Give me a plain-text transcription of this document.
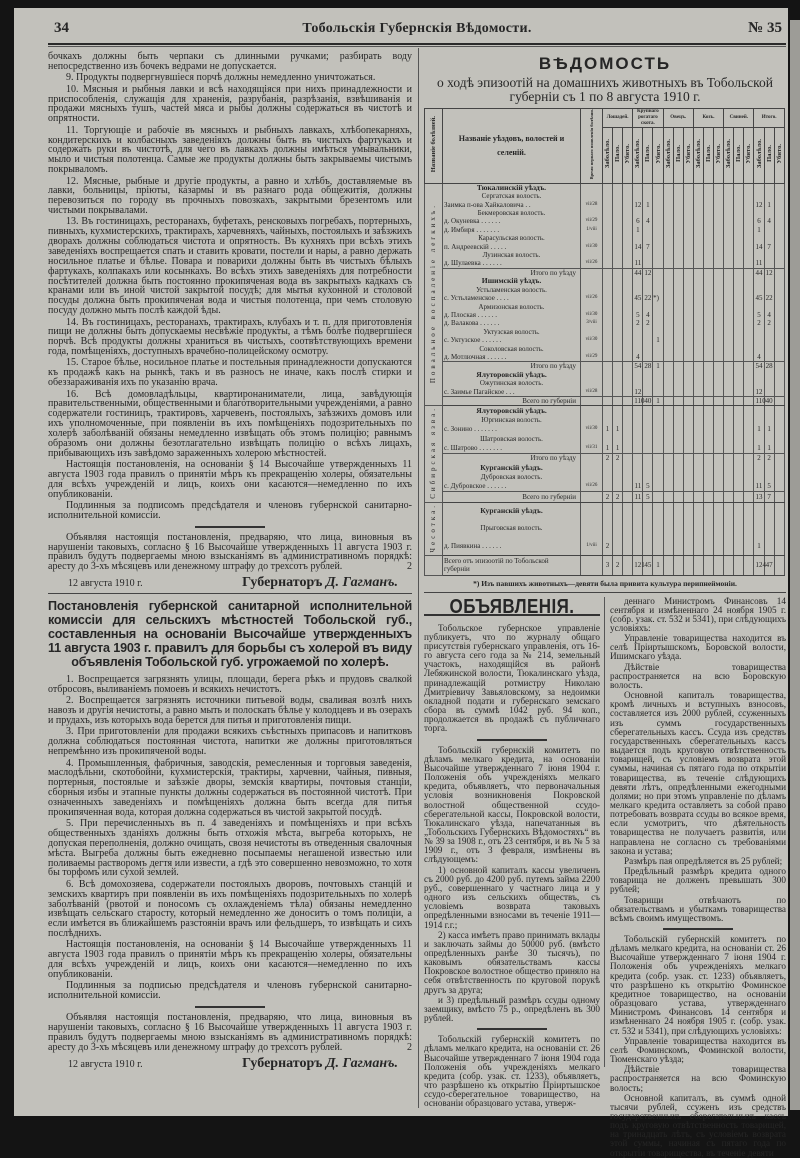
34	Тобольскія Губернскія Вѣдомости.	№ 35

бочкахъ должны быть черпаки съ длинными ручками; разбирать воду непосредственно изъ бочекъ ведрами не допускается.

9. Продукты подвергнувшіеся порчѣ должны немедленно уничтожаться.

10. Мясныя и рыбныя лавки и всѣ находящіяся при нихъ принадлежности и приспособленія, служащія для храненія, разрубанія, разрѣзанія, взвѣшиванія и продажи мясныхъ тушъ, частей мяса и рыбы должны содержаться въ чистотѣ и опрятности.

11. Торгующіе и рабочіе въ мясныхъ и рыбныхъ лавкахъ, хлѣбопекарняхъ, кондитерскихъ и колбасныхъ заведеніяхъ должны быть въ чистыхъ фартукахъ и содержать руки въ чистотѣ, для чего въ лавкахъ должны имѣться умывальники, мыло и чистыя полотенца. Самые же продукты должны быть закрываемы чистымъ покрываломъ.

12. Мясные, рыбные и другіе продукты, а равно и хлѣбъ, доставляемые въ лавки, больницы, пріюты, казармы и въ разнаго рода общежитія, должны перевозиться по городу въ прочныхъ повозкахъ, закрытыми брезентомъ или чистыми покрывалами.

13. Въ гостиницахъ, ресторанахъ, буфетахъ, ренсковыхъ погребахъ, портерныхъ, пивныхъ, кухмистерскихъ, трактирахъ, харчевняхъ, чайныхъ, постоялыхъ и заѣзжихъ дворахъ должны соблюдаться чистота и опрятность. Въ кухняхъ при всѣхъ этихъ заведеніяхъ воспрещается спать и ставить кровати, постели и нары, а равно держать носильное платье и бѣлье. Повара и поварихи должны быть въ чистыхъ бѣлыхъ фартукахъ, колпакахъ или косынкахъ. Во всѣхъ этихъ заведеніяхъ для потребности посѣтителей должна быть постоянно прокипяченая вода въ закрытыхъ кадкахъ съ кранами или въ иной чистой закрытой посудѣ; для мытья кухонной и столовой посуды должна быть прокипяченая вода и чистыя полотенца, при чемъ столовую посуду должно мыть послѣ каждой ѣды.

14. Въ гостиницахъ, ресторанахъ, трактирахъ, клубахъ и т. п. для приготовленія пищи не должны быть допускаемы несвѣжіе продукты, а тѣмъ болѣе подвергшіеся порчѣ. Всѣ продукты должны храниться въ чистыхъ, соотвѣтствующихъ времени года, помѣщеніяхъ, доступныхъ врачебно-полицейскому осмотру.

15. Старое бѣлье, носильное платье и постельныя принадлежности допускаются къ продажѣ какъ на рынкѣ, такъ и въ разносъ не иначе, какъ послѣ стирки и обеззараживанія ихъ по указанію врача.

16. Всѣ домовладѣльцы, квартиронаниматели, лица, завѣдующія правительственными, общественными и благотворительными учрежденіями, а равно содержатели гостиницъ, трактировъ, харчевенъ, постоялыхъ, заѣзжихъ домовъ или ихъ уполномоченные, при появленіи въ ихъ помѣщеніяхъ подозрительныхъ по холерѣ заболѣваній обязаны немедленно извѣщать объ этомъ полицію; равнымъ образомъ они должны безотлагательно извѣщать полицію о всѣхъ лицахъ, прибывающихъ изъ завѣдомо зараженныхъ холерою мѣстностей.

Настоящія постановленія, на основаніи § 14 Высочайше утвержденныхъ 11 августа 1903 года правилъ о принятіи мѣръ къ прекращенію холеры, обязательны для всѣхъ учрежденій и лицъ, коихъ они касаются—немедленно по ихъ опубликованіи.

Подлинныя за подписомъ предсѣдателя и членовъ губернской санитарно-исполнительной комиссіи.

Объявляя настоящія постановленія, предваряю, что лица, виновныя въ нарушеніи таковыхъ, согласно § 16 Высочайше утвержденныхъ 11 августа 1903 г. правилъ будутъ подвергаемы мною взысканіямъ въ административномъ порядкѣ: аресту до 3-хъ мѣсяцевъ или денежному штрафу до трехсотъ рублей.	2

12 августа 1910 г.	Губернаторъ Д. Гагманъ.
Постановленія губернской санитарной исполнительной комиссіи для сельскихъ мѣстностей Тобольской губ., составленныя на основаніи Высочайше утвержденныхъ 11 августа 1903 г. правилъ для борьбы съ холерой въ виду объявленія Тобольской губ. угрожаемой по холерѣ.

1. Воспрещается загрязнять улицы, площади, берега рѣкъ и прудовъ свалкой отбросовъ, выливаніемъ помоевъ и всякихъ нечистотъ.

2. Воспрещается загрязнять источники питьевой воды, сваливая возлѣ нихъ навозъ и другія нечистоты, а равно мыть и полоскать бѣлье у колодцевъ и въ озерахъ и прудахъ, изъ которыхъ вода берется для питья и приготовленія пищи.

3. При приготовленіи для продажи всякихъ съѣстныхъ припасовъ и напитковъ должна соблюдаться постоянная чистота, напитки же должны приготовляться непремѣнно изъ прокипяченой воды.

4. Промышленныя, фабричныя, заводскія, ремесленныя и торговыя заведенія, маслодѣльни, скотобойни, кухмистерскія, трактиры, харчевни, чайныя, пивныя, портерныя, постоялые и заѣзжіе дворы, земскія квартиры, почтовыя станціи, сборныя избы и этапные пункты должны содержаться въ постоянной чистотѣ. При означенныхъ заведеніяхъ и помѣщеніяхъ должна быть всегда для питья прокипяченная вода, которая должна содержаться въ чистой закрытой посудѣ.

5. При перечисленныхъ въ п. 4 заведеніяхъ и помѣщеніяхъ и при всѣхъ общественныхъ зданіяхъ должны быть отхожія мѣста, выгреба которыхъ, не допуская переполненія, должно очищать, свозя нечистоты въ отведенныя свалочныя мѣста. Выгреба должны быть ежедневно посыпаемы негашеной известью или поливаемы растворомъ дегтя или извести, а гдѣ это совершенно невозможно, то хотя бы торфомъ или сухой землей.

6. Всѣ домохозяева, содержатели постоялыхъ дворовъ, почтовыхъ станцій и земскихъ квартиръ при появленіи въ ихъ помѣщеніяхъ подозрительныхъ по холерѣ заболѣваній (рвотой и поносомъ съ охлажденіемъ тѣла) обязаны немедленно извѣщать сельскаго старосту, который немедленно же доноситъ о томъ полиціи, а если имѣется въ ближайшемъ разстояніи врачъ или фельдшеръ, то извѣщать и сихъ послѣднихъ.

Настоящія постановленія, на основаніи § 14 Высочайше утвержденныхъ 11 августа 1903 года правилъ о принятіи мѣръ къ прекращенію холеры, обязательны для всѣхъ учрежденій и лицъ, коихъ они касаются—немедленно по ихъ опубликованіи.

Подлинныя за подписью предсѣдателя и членовъ губернской санитарно-исполнительной комиссіи.

Объявляя настоящія постановленія, предваряю, что лица, виновныя въ нарушеніи таковыхъ, согласно § 16 Высочайше утвержденныхъ 11 августа 1903 г. правилъ будутъ подвергаемы мною взысканіямъ въ административномъ порядкѣ: аресту до 3-хъ мѣсяцевъ или денежному штрафу до трехсотъ рублей.	2

12 августа 1910 г.	Губернаторъ Д. Гагманъ.
ВѢДОМОСТЬ
о ходѣ эпизоотій на домашнихъ животныхъ въ Тобольской губерніи съ 1 по 8 августа 1910 г.
Названіе болѣзней.	Названіе уѣздовъ, волостей и селеній.	Время перваго появленія болѣзни.	Лошадей.			Крупнаго рогатаго скота.			Овецъ.			Козъ.			Свиней.			Итого.		
			Заболѣло.	Пало.	Убито.	Заболѣло.	Пало.	Убито.	Заболѣло.	Пало.	Убито.	Заболѣло.	Пало.	Убито.	Заболѣло.	Пало.	Убито.	Заболѣло.	Пало.	Убито.
Повальное воспаленіе легкихъ.	Тюкалинскій уѣздъ.																			
	Сергатская волость.																			
	Заимка п-ова Хайкаловича . .	vii/28				12	1											12	1	
	Бекмеровская волость.																			
	д. Окуневка . . . . . .	vii/29				6	4											6	4	
	д. Имбиря . . . . . . .	1/viii				1												1		
	Карасульская волость.																			
	п. Андреевскій . . . . .	vii/30				14	7											14	7	
	Лузинская волость.																			
	д. Шулаевка . . . . . .	vii/26				11												11		
	Итого по уѣзду					44	12											44	12	
	Ишимскій уѣздъ.																			
	Устьламенская волость.																			
	с. Устьламенское . . . .	vii/26				45	22 *)											45	22	
	Армизонская волость.																			
	д. Плоская . . . . . .	vii/30				5	4											5	4	
	д. Валакова . . . . . .	3/viii				2	2											2	2	
	Уктузская волость.																			
	с. Уктузское . . . . . .	vii/30						1												
	Соколовская волость.																			
	д. Мотлючная . . . . . .	vii/29				4												4		
	Итого по уѣзду					54	28	1										54	28	
	Ялуторовскій уѣздъ.																			
	Ожутинская волость.																			
	с. Заимье Пагайское . . .	vii/28				12												12		
	Всего по губерніи					110	40	1										110	40	
Сибирская язва.	Ялуторовскій уѣздъ.																			
	Юргинская волость.																			
	с. Зонино . . . . . . .	vii/30	1	1														1	1	
	Шатровская волость.																			
	с. Шатрово . . . . . . .	vii/31	1	1														1	1	
	Итого по уѣзду		2	2														2	2	
	Курганскій уѣздъ.																			
	Дубровская волость.																			
	с. Дубровское . . . . . .	vii/26				11	5											11	5	
	Всего по губерніи		2	2		11	5											13	7	
Чесотка.	Курганскій уѣздъ.																			
	Прыговская волость.																			
	д. Пиявкина . . . . . .	1/viii	2															1		
	Всего отъ эпизоотій по Тобольской губерніи		3	2		121	45	1										124	47	
*) Изъ павшихъ животныхъ—девяти была привита культура перипнеймоніи.
ОБЪЯВЛЕНІЯ.

Тобольское губернское управленіе публикуетъ, что по журналу общаго присутствія губернскаго управленія, отъ 16-го августа сего года за № 214, земельный участокъ, находящійся въ районѣ Лебяжинской волости, Тюкалинскаго уѣзда, принадлежащій ротмистру Николаю Дмитріевичу Завьяловскому, за недоимки окладной подати и губернскаго земскаго сбора въ суммѣ 1042 руб. 94 коп., продолжается въ продажѣ съ публичнаго торга.

Тобольскій губернскій комитетъ по дѣламъ мелкаго кредита, на основаніи Высочайше утвержденнаго 7 іюня 1904 г. Положенія объ учрежденіяхъ мелкаго кредита, объявляетъ, что первоначальныя условія возникновенія Покровской волостной общественной ссудо-сберегательной кассы, Покровской волости, Тюкалинскаго уѣзда, напечатанныя въ „Тобольскихъ Губернскихъ Вѣдомостяхъ“ въ № 39 за 1908 г., отъ 23 сентября, и въ № 5 за 1909 г., отъ 3 февраля, измѣнены въ слѣдующемъ:

1) основной капиталъ кассы увеличенъ съ 2000 руб. до 4200 руб. путемъ займа 2200 руб., совершеннаго у частнаго лица и у одного изъ сельскихъ обществъ, съ условіемъ возврата таковыхъ опредѣленными взносами въ теченіе 1911—1914 г.г.;

2) касса имѣетъ право принимать вклады и заключать займы до 50000 руб. (вмѣсто опредѣленныхъ ранѣе 30 тысячъ), по каковымъ обязательствамъ кассы Покровское волостное общество приняло на себя отвѣтственность по круговой порукѣ другъ за друга;

и 3) предѣльный размѣръ ссуды одному заемщику, вмѣсто 75 р., опредѣленъ въ 300 рублей.

Тобольскій губернскій комитетъ по дѣламъ мелкаго кредита, на основаніи ст. 26 Высочайше утвержденнаго 7 іюня 1904 года Положенія объ учрежденіяхъ мелкаго кредита (собр. узак. ст. 1233), объявляетъ, что разрѣшено къ открытію Пріиртышское ссудо-сберегательное товарищество, на основаніи образцоваго устава, утверж-

деннаго Министромъ Финансовъ 14 сентября и измѣненнаго 24 ноября 1905 г. (собр. узак. ст. 532 и 5341), при слѣдующихъ условіяхъ:

Управленіе товарищества находится въ селѣ Пріиртышскомъ, Боровской волости, Ишимскаго уѣзда.

Дѣйствіе товарищества распространяется на всю Боровскую волость.

Основной капиталъ товарищества, кромѣ личныхъ и вступныхъ взносовъ, составляется изъ 2000 рублей, ссуженныхъ изъ суммъ государственныхъ сберегательныхъ кассъ. Ссуда изъ средствъ государственныхъ сберегательныхъ кассъ выдается подъ круговую отвѣтственность товарищей, съ условіемъ возврата этой суммы, начиная съ пятаго года по открытіи товарищества, въ теченіе слѣдующихъ девяти лѣтъ, опредѣленными ежегодными долями; но при этомъ управленіе по дѣламъ мелкаго кредита оставляетъ за собой право потребовать возврата ссуды во всякое время, если усмотритъ, что дѣятельность товарищества не получаетъ развитія, или направлена не согласно съ требованіями закона и устава;

Размѣръ пая опредѣляется въ 25 рублей;

Предѣльный размѣръ кредита одного товарища не долженъ превышать 300 рублей;

Товарищи отвѣчаютъ по обязательствамъ и убыткамъ товарищества всѣмъ своимъ имуществомъ.

Тобольскій губернскій комитетъ по дѣламъ мелкаго кредита, на основаніи ст. 26 Высочайше утвержденнаго 7 іюня 1904 г. Положенія объ учрежденіяхъ мелкаго кредита (собр. узак. ст. 1233) объявляетъ, что разрѣшено къ открытію Фоминское кредитное товарищество, на основаніи образцоваго устава, утвержденнаго Министромъ Финансовъ 14 сентября и измѣненнаго 24 ноября 1905 г. (собр. узак. ст. 532 и 5341), при слѣдующихъ условіяхъ:

Управленіе товарищества находится въ селѣ Фоминскомъ, Фоминской волости, Тюменскаго уѣзда;

Дѣйствіе товарищества распространяется на всю Фоминскую волость;

Основной капиталъ, въ суммѣ одной тысячи рублей, ссуженъ изъ средствъ государственныхъ сберегательныхъ кассъ подъ круговую отвѣтственность товарищей, на тринадцать лѣтъ, съ условіемъ возврата этой суммы, начиная съ пятаго года по открытіи товарищества, въ теченіе девяти
